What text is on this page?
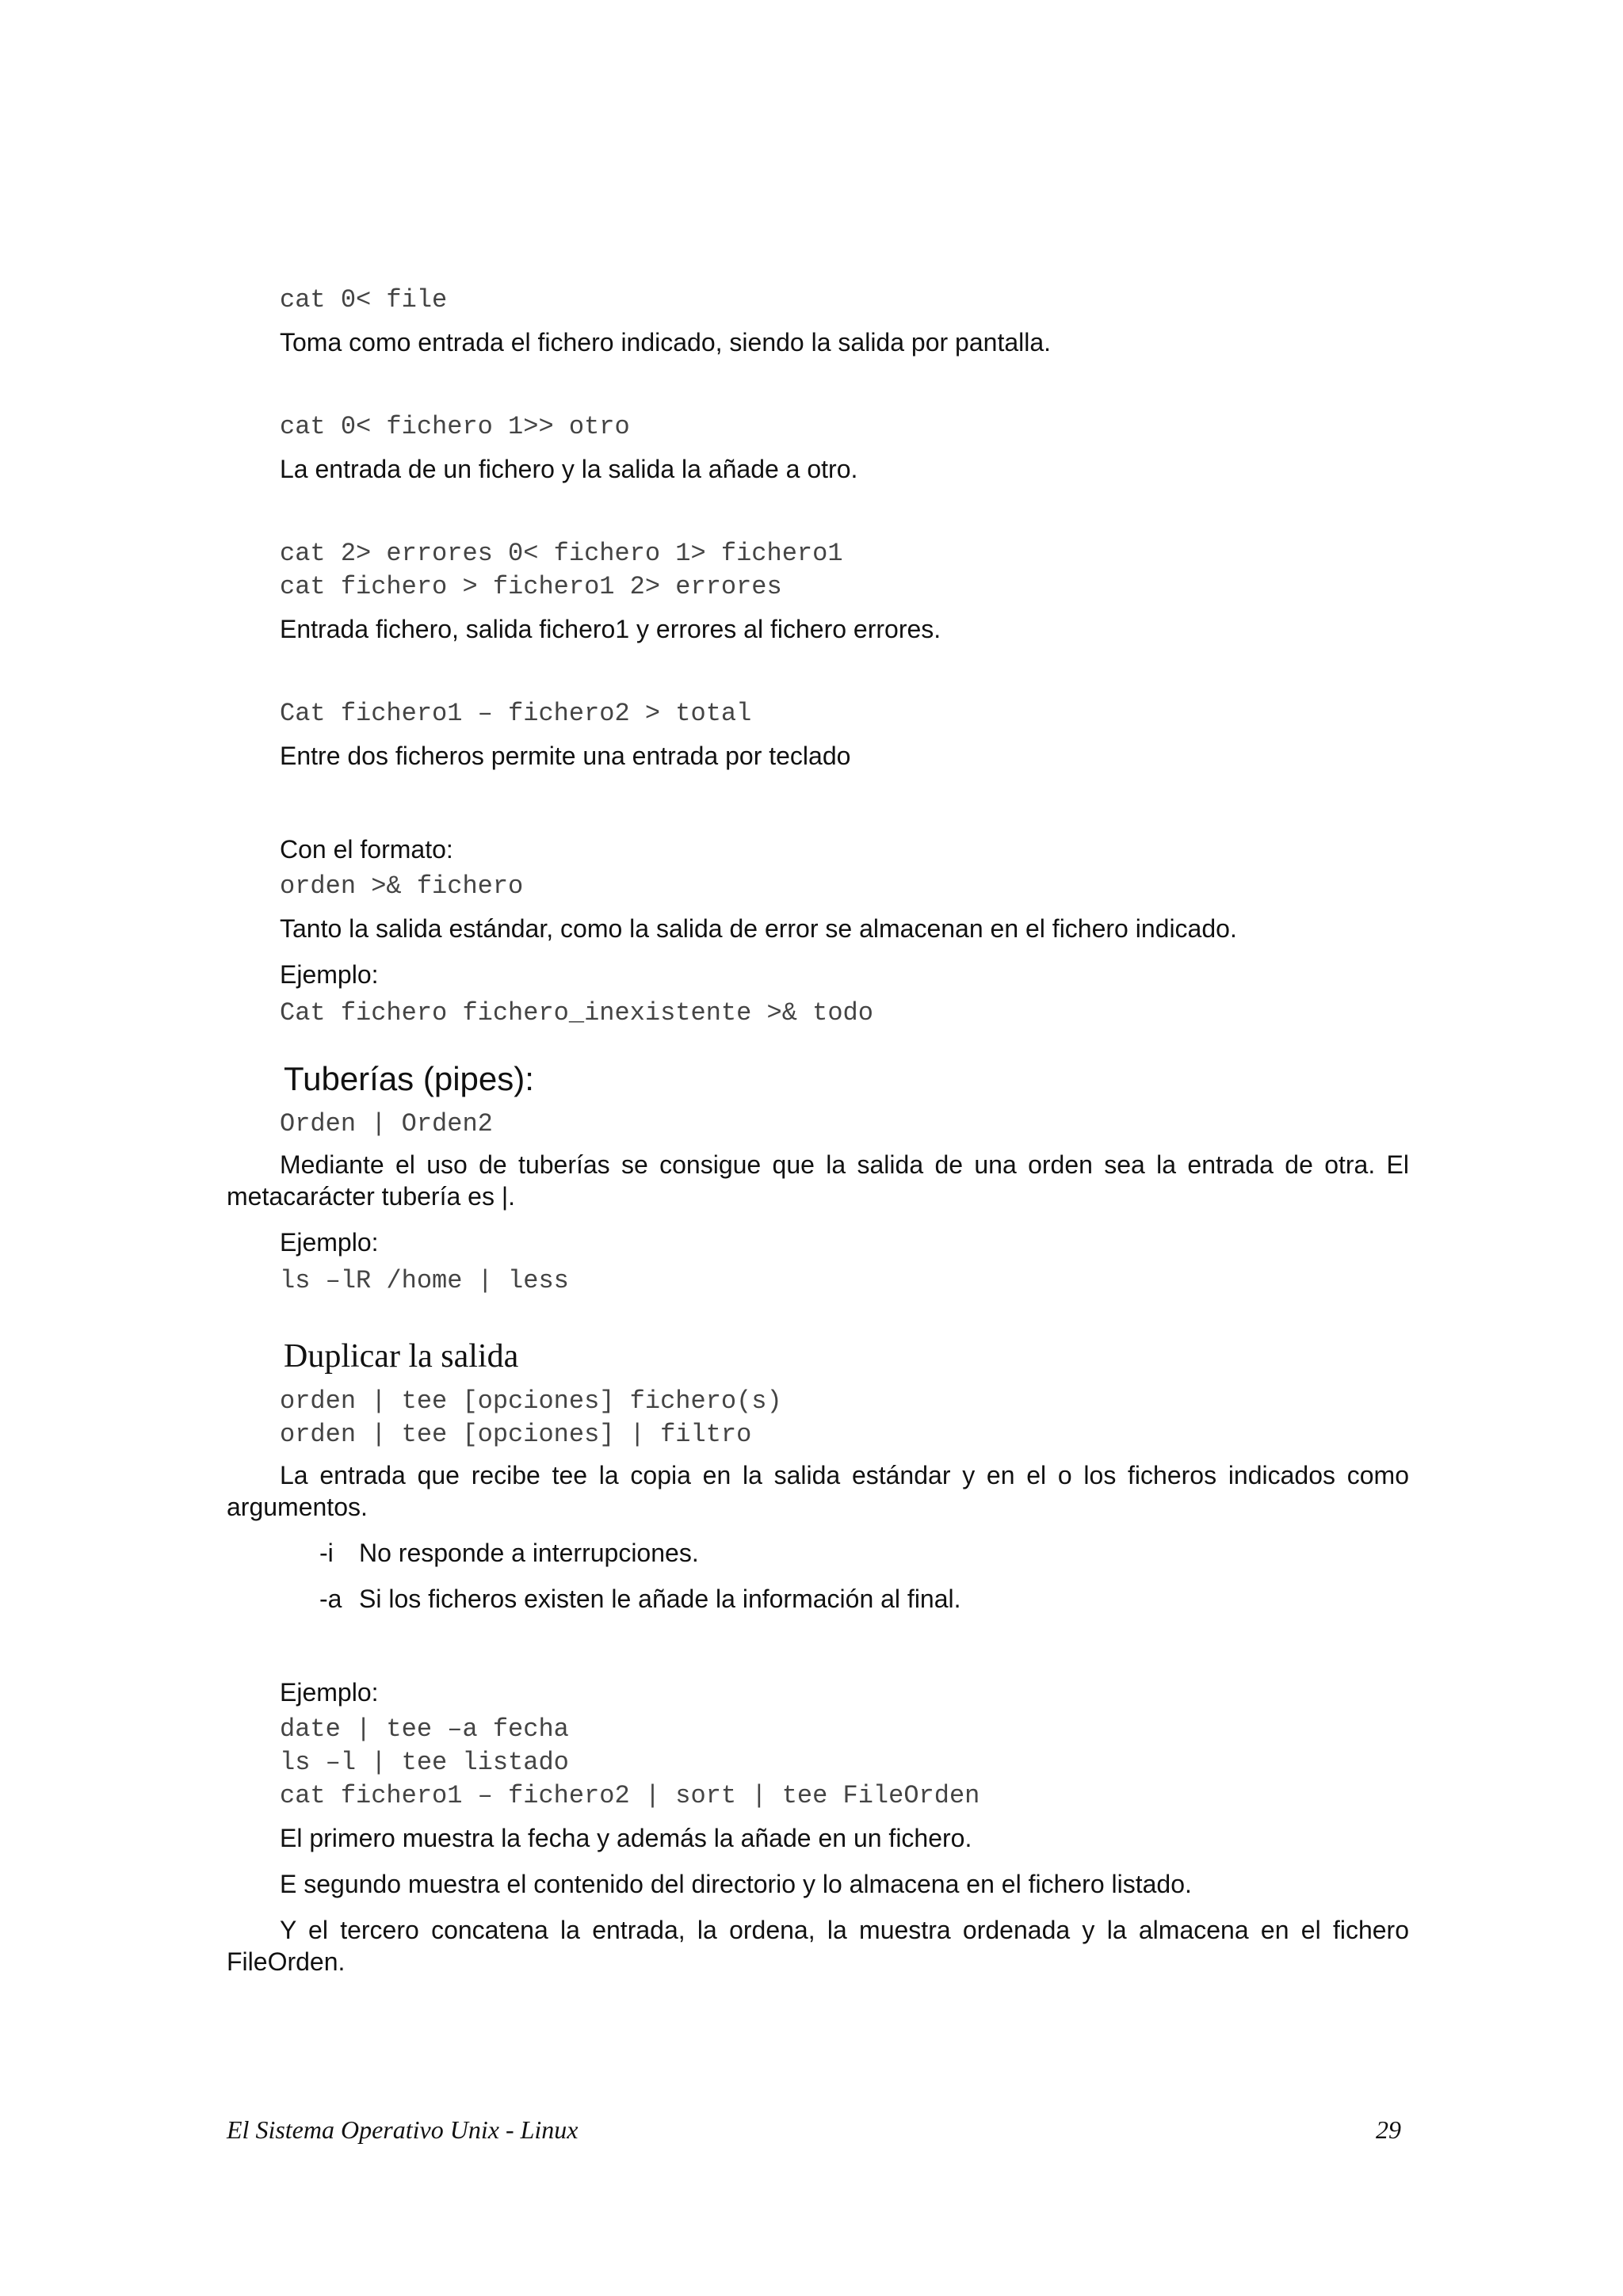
cat 0< file

Toma como entrada el fichero indicado, siendo la salida por pantalla.

cat 0< fichero 1>> otro

La entrada de un fichero y la salida la añade a otro.

cat 2> errores 0< fichero 1> fichero1
cat fichero > fichero1 2> errores

Entrada fichero, salida fichero1 y errores al fichero errores.

Cat fichero1 – fichero2 > total

Entre dos ficheros permite una entrada por teclado

Con el formato:

orden >& fichero

Tanto la salida estándar, como la salida de error se almacenan en el fichero indicado.

Ejemplo:

Cat fichero fichero_inexistente >& todo
Tuberías (pipes):
Orden | Orden2

Mediante el uso de tuberías se consigue que la salida de una orden sea la entrada de otra. El metacarácter tubería es |.

Ejemplo:

ls –lR /home | less
Duplicar la salida
orden | tee [opciones] fichero(s)
orden | tee [opciones] | filtro

La entrada que recibe tee la copia en la salida estándar y en el o los ficheros indicados como argumentos.

-i No responde a interrupciones.

-a Si los ficheros existen le añade la información al final.

Ejemplo:

date | tee –a fecha
ls –l | tee listado
cat fichero1 – fichero2 | sort | tee FileOrden

El primero muestra la fecha y además la añade en un fichero.

E segundo muestra el contenido del directorio y lo almacena en el fichero listado.

Y el tercero concatena la entrada, la ordena, la muestra ordenada y la almacena en el fichero FileOrden.

El Sistema Operativo Unix - Linux	29
